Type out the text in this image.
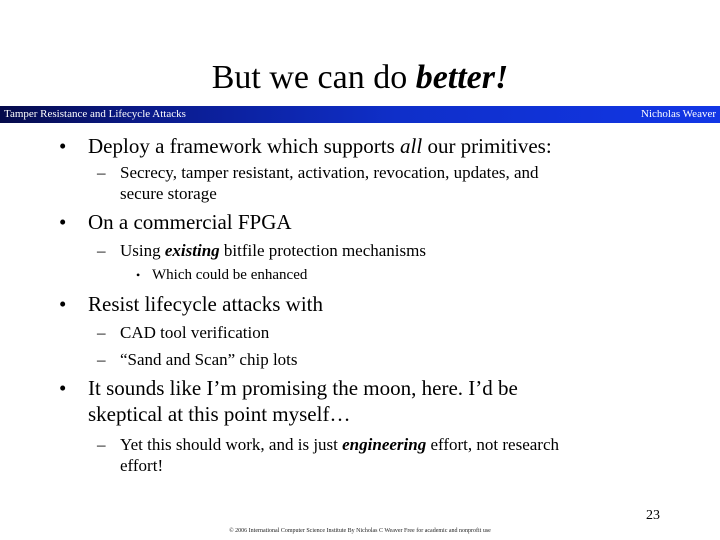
But we can do better!
Tamper Resistance and Lifecycle Attacks	Nicholas Weaver
• Deploy a framework which supports all our primitives:
– Secrecy, tamper resistant, activation, revocation, updates, and
secure storage
• On a commercial FPGA
– Using existing bitfile protection mechanisms
• Which could be enhanced
• Resist lifecycle attacks with
– CAD tool verification
– “Sand and Scan” chip lots
• It sounds like I’m promising the moon, here. I’d be
skeptical at this point myself…
– Yet this should work, and is just engineering effort, not research
effort!
23
© 2006 International Computer Science Institute By Nicholas C Weaver Free for academic and nonprofit use
